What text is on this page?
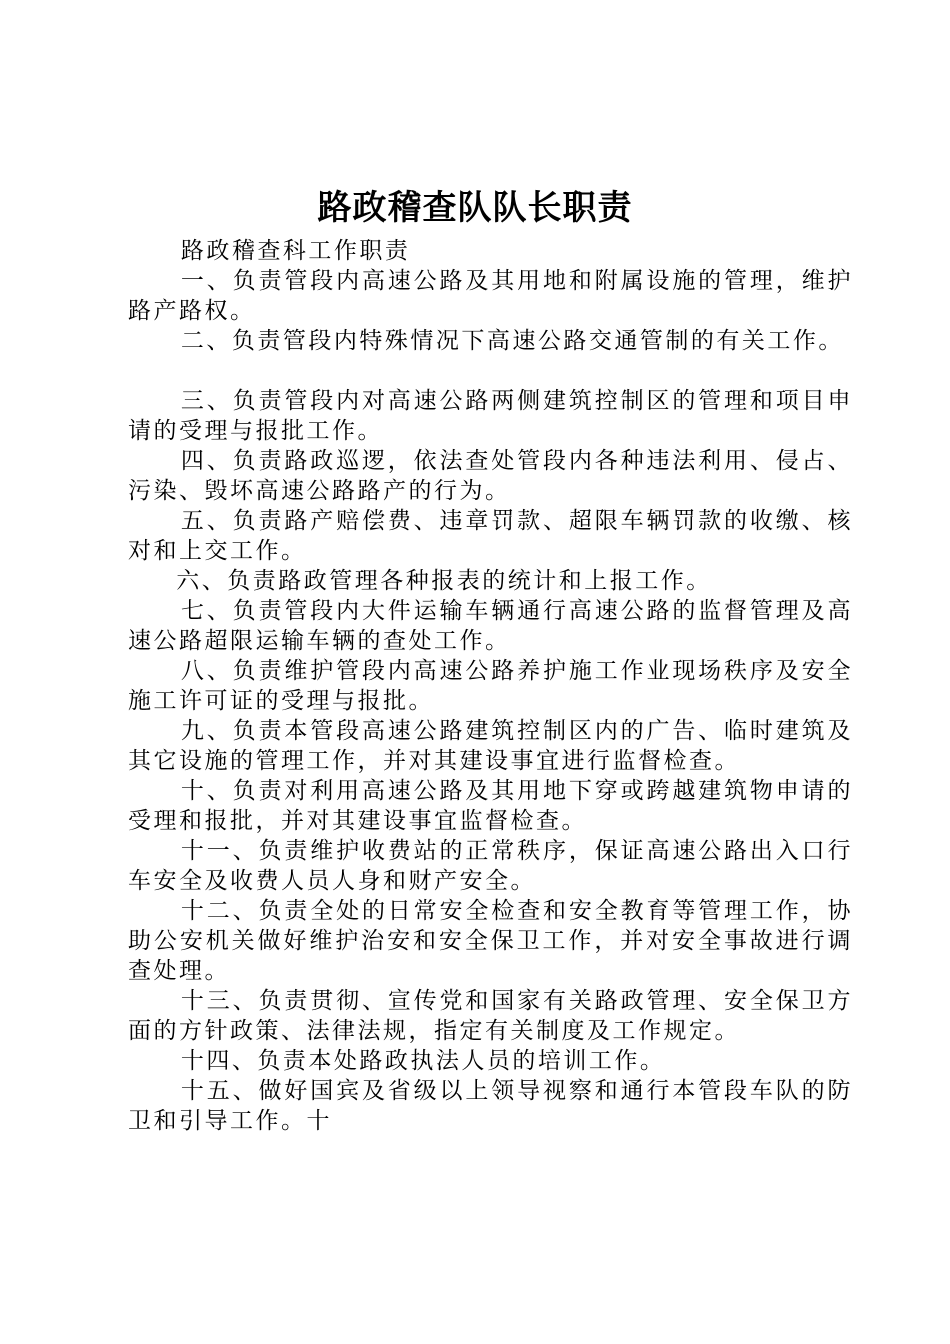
路政稽查队队长职责

路政稽查科工作职责

一、负责管段内高速公路及其用地和附属设施的管理，维护路产路权。

二、负责管段内特殊情况下高速公路交通管制的有关工作。

三、负责管段内对高速公路两侧建筑控制区的管理和项目申请的受理与报批工作。

四、负责路政巡逻，依法查处管段内各种违法利用、侵占、污染、毁坏高速公路路产的行为。

五、负责路产赔偿费、违章罚款、超限车辆罚款的收缴、核对和上交工作。

六、负责路政管理各种报表的统计和上报工作。

七、负责管段内大件运输车辆通行高速公路的监督管理及高速公路超限运输车辆的查处工作。

八、负责维护管段内高速公路养护施工作业现场秩序及安全施工许可证的受理与报批。

九、负责本管段高速公路建筑控制区内的广告、临时建筑及其它设施的管理工作，并对其建设事宜进行监督检查。

十、负责对利用高速公路及其用地下穿或跨越建筑物申请的受理和报批，并对其建设事宜监督检查。

十一、负责维护收费站的正常秩序，保证高速公路出入口行车安全及收费人员人身和财产安全。

十二、负责全处的日常安全检查和安全教育等管理工作，协助公安机关做好维护治安和安全保卫工作，并对安全事故进行调查处理。

十三、负责贯彻、宣传党和国家有关路政管理、安全保卫方面的方针政策、法律法规，指定有关制度及工作规定。

十四、负责本处路政执法人员的培训工作。

十五、做好国宾及省级以上领导视察和通行本管段车队的防卫和引导工作。十
